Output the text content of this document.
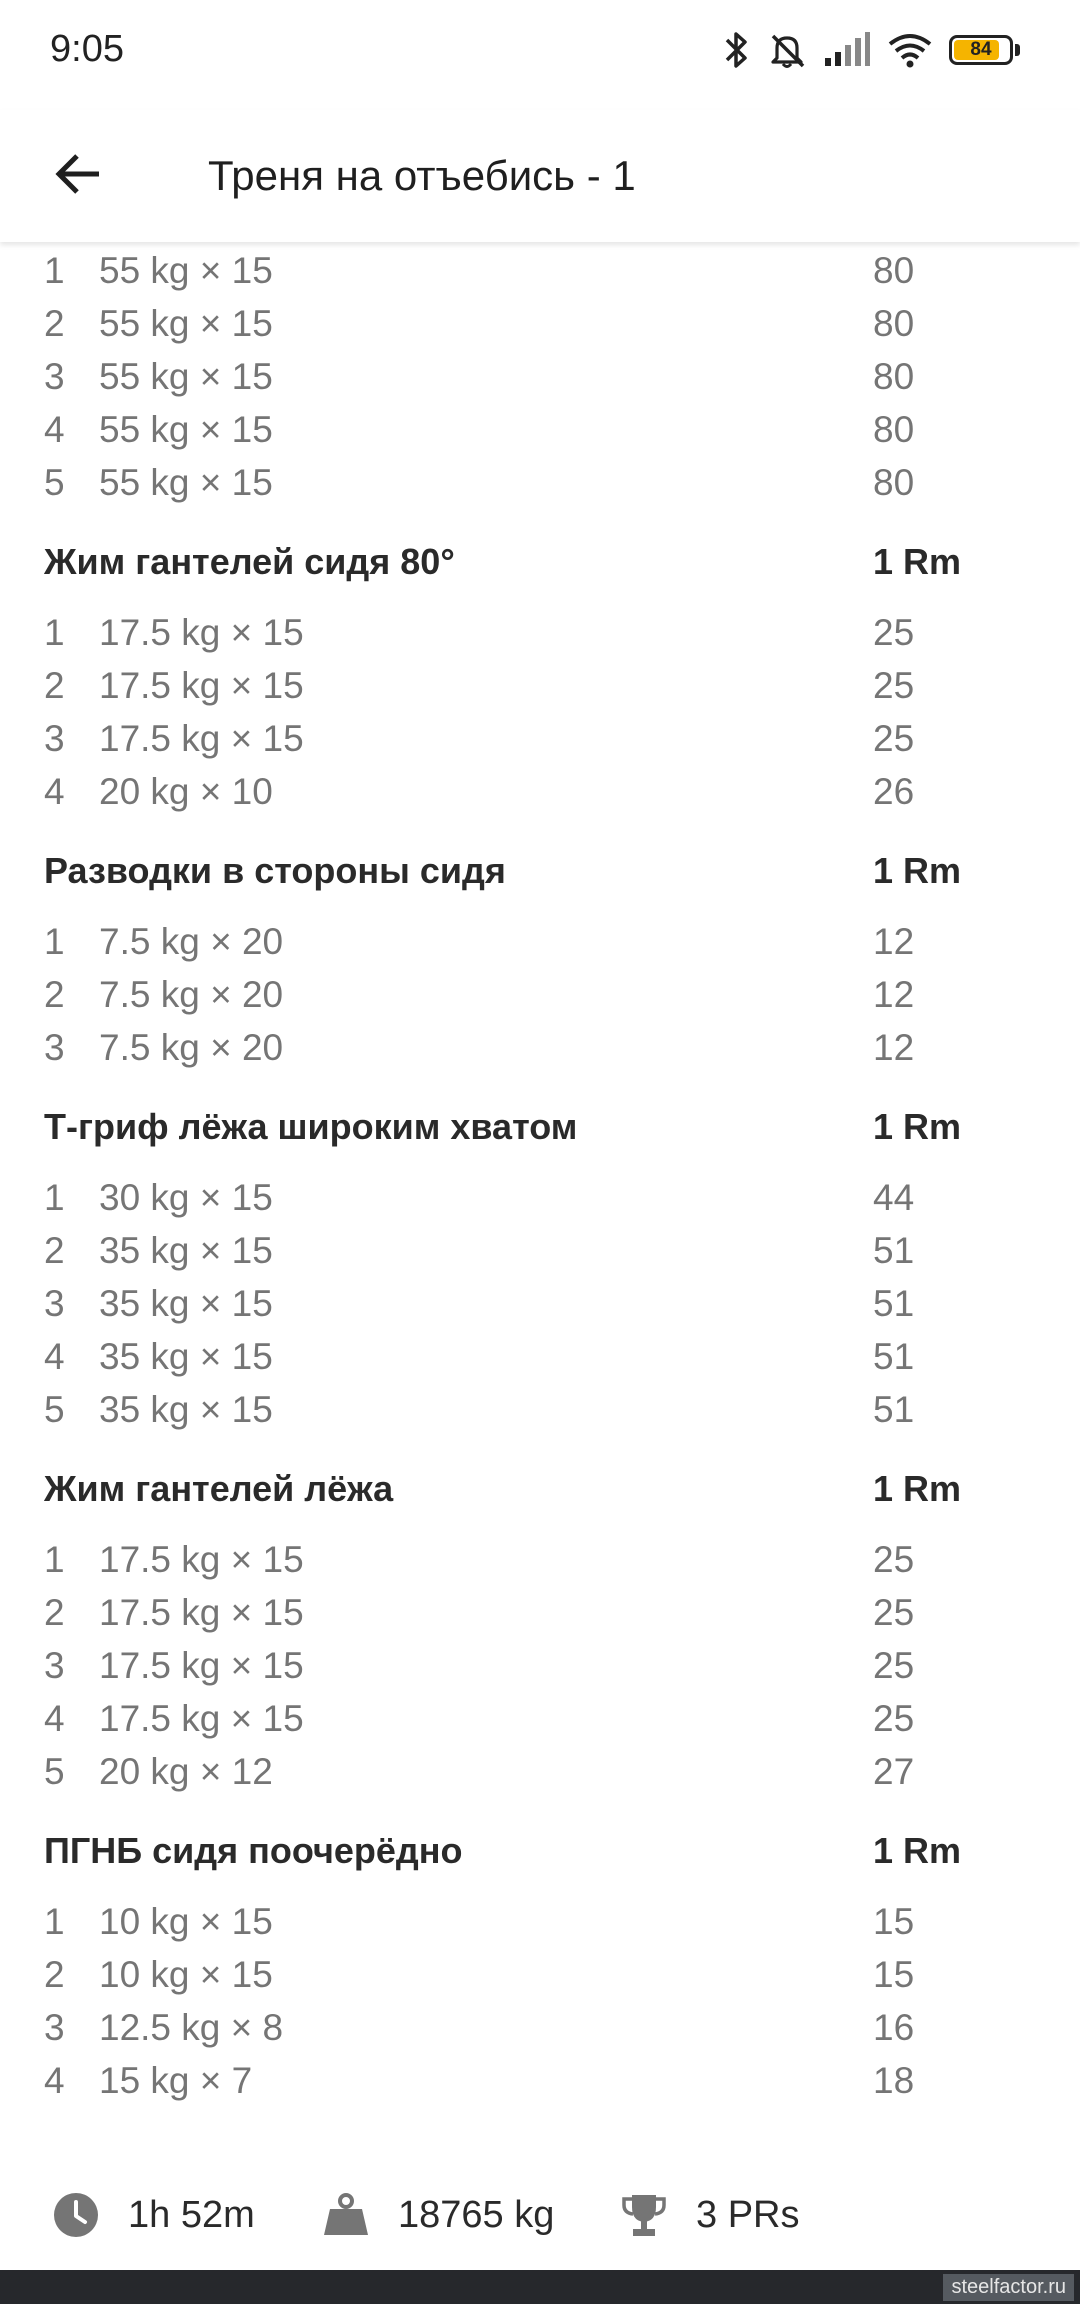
9:05	84
Треня на отъебись - 1
1 55 kg × 15	80
2 55 kg × 15	80
3 55 kg × 15	80
4 55 kg × 15	80
5 55 kg × 15	80
Жим гантелей сидя 80°	1 Rm
1 17.5 kg × 15	25
2 17.5 kg × 15	25
3 17.5 kg × 15	25
4 20 kg × 10	26
Разводки в стороны сидя	1 Rm
1 7.5 kg × 20	12
2 7.5 kg × 20	12
3 7.5 kg × 20	12
Т-гриф лёжа широким хватом	1 Rm
1 30 kg × 15	44
2 35 kg × 15	51
3 35 kg × 15	51
4 35 kg × 15	51
5 35 kg × 15	51
Жим гантелей лёжа	1 Rm
1 17.5 kg × 15	25
2 17.5 kg × 15	25
3 17.5 kg × 15	25
4 17.5 kg × 15	25
5 20 kg × 12	27
ПГНБ сидя поочерёдно	1 Rm
1 10 kg × 15	15
2 10 kg × 15	15
3 12.5 kg × 8	16
4 15 kg × 7	18
1h 52m	18765 kg	3 PRs
steelfactor.ru
